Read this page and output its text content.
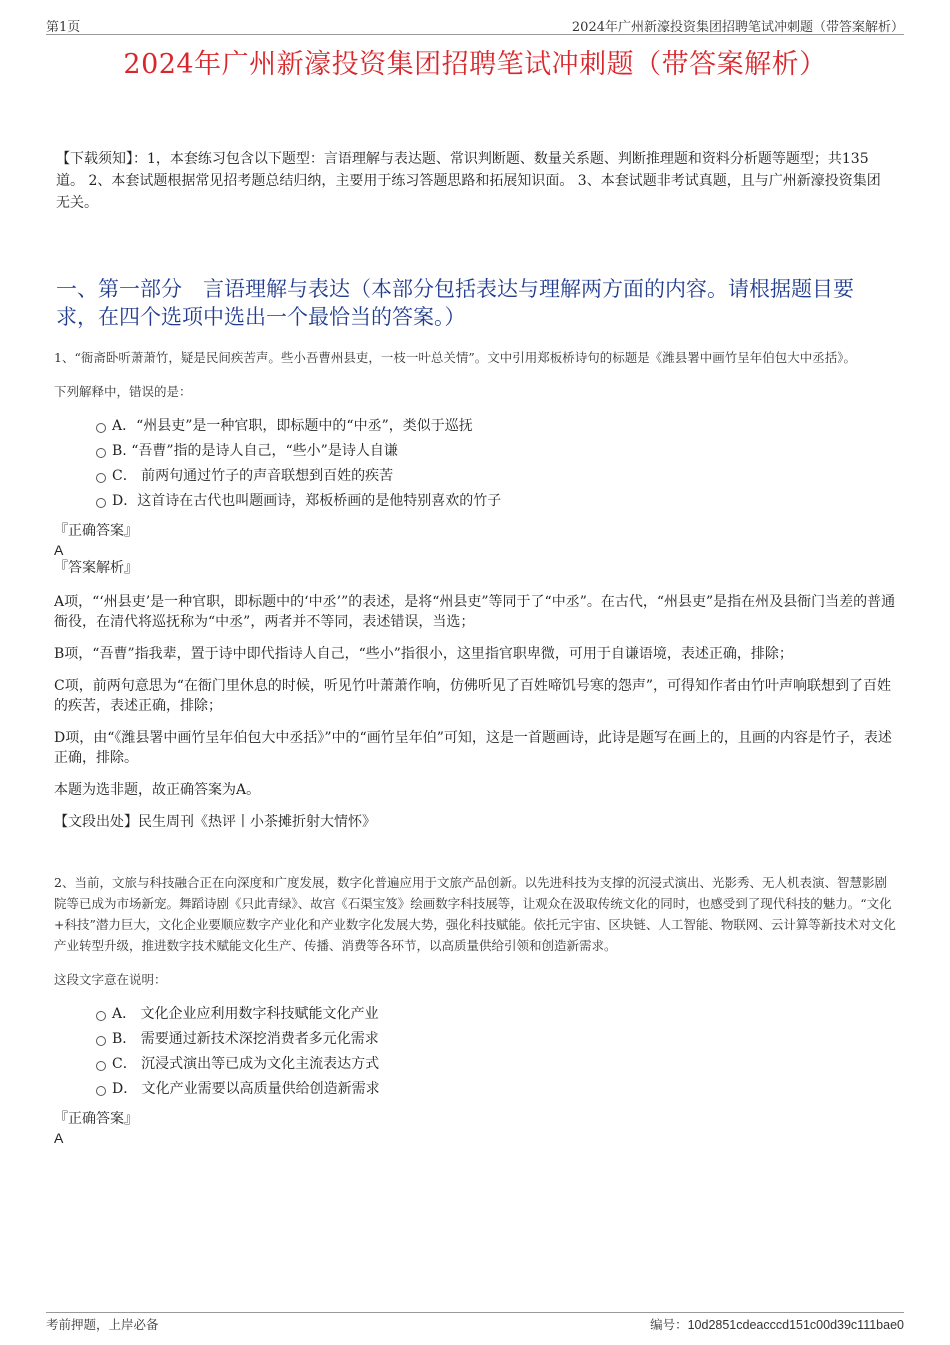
第1页	2024年广州新濠投资集团招聘笔试冲刺题（带答案解析）
2024年广州新濠投资集团招聘笔试冲刺题（带答案解析）
【下载须知】：1，本套练习包含以下题型：言语理解与表达题、常识判断题、数量关系题、判断推理题和资料分析题等题型；共135道。 2、本套试题根据常见招考题总结归纳，主要用于练习答题思路和拓展知识面。 3、本套试题非考试真题，且与广州新濠投资集团无关。
一、第一部分　言语理解与表达（本部分包括表达与理解两方面的内容。请根据题目要求，在四个选项中选出一个最恰当的答案。）

1、“衙斋卧听萧萧竹，疑是民间疾苦声。些小吾曹州县吏，一枝一叶总关情”。文中引用郑板桥诗句的标题是《潍县署中画竹呈年伯包大中丞括》。

下列解释中，错误的是：

A．“州县吏”是一种官职，即标题中的“中丞”，类似于巡抚
B. “吾曹”指的是诗人自己，“些小”是诗人自谦
C． 前两句通过竹子的声音联想到百姓的疾苦
D．这首诗在古代也叫题画诗，郑板桥画的是他特别喜欢的竹子

『正确答案』

A

『答案解析』

A项，“‘州县吏’是一种官职，即标题中的‘中丞’”的表述，是将“州县吏”等同于了“中丞”。在古代，“州县吏”是指在州及县衙门当差的普通衙役，在清代将巡抚称为“中丞”，两者并不等同，表述错误，当选；

B项，“吾曹”指我辈，置于诗中即代指诗人自己，“些小”指很小，这里指官职卑微，可用于自谦语境，表述正确，排除；

C项，前两句意思为“在衙门里休息的时候，听见竹叶萧萧作响，仿佛听见了百姓啼饥号寒的怨声”，可得知作者由竹叶声响联想到了百姓的疾苦，表述正确，排除；

D项，由“《潍县署中画竹呈年伯包大中丞括》”中的“画竹呈年伯”可知，这是一首题画诗，此诗是题写在画上的，且画的内容是竹子，表述正确，排除。

本题为选非题，故正确答案为A。

【文段出处】民生周刊《热评丨小茶摊折射大情怀》

2、当前，文旅与科技融合正在向深度和广度发展，数字化普遍应用于文旅产品创新。以先进科技为支撑的沉浸式演出、光影秀、无人机表演、智慧影剧院等已成为市场新宠。舞蹈诗剧《只此青绿》、故宫《石渠宝笈》绘画数字科技展等，让观众在汲取传统文化的同时，也感受到了现代科技的魅力。“文化+科技”潜力巨大，文化企业要顺应数字产业化和产业数字化发展大势，强化科技赋能。依托元宇宙、区块链、人工智能、物联网、云计算等新技术对文化产业转型升级，推进数字技术赋能文化生产、传播、消费等各环节，以高质量供给引领和创造新需求。

这段文字意在说明：

A． 文化企业应利用数字科技赋能文化产业
B． 需要通过新技术深挖消费者多元化需求
C． 沉浸式演出等已成为文化主流表达方式
D． 文化产业需要以高质量供给创造新需求

『正确答案』

A

考前押题，上岸必备	编号：10d2851cdeacccd151c00d39c111bae0
